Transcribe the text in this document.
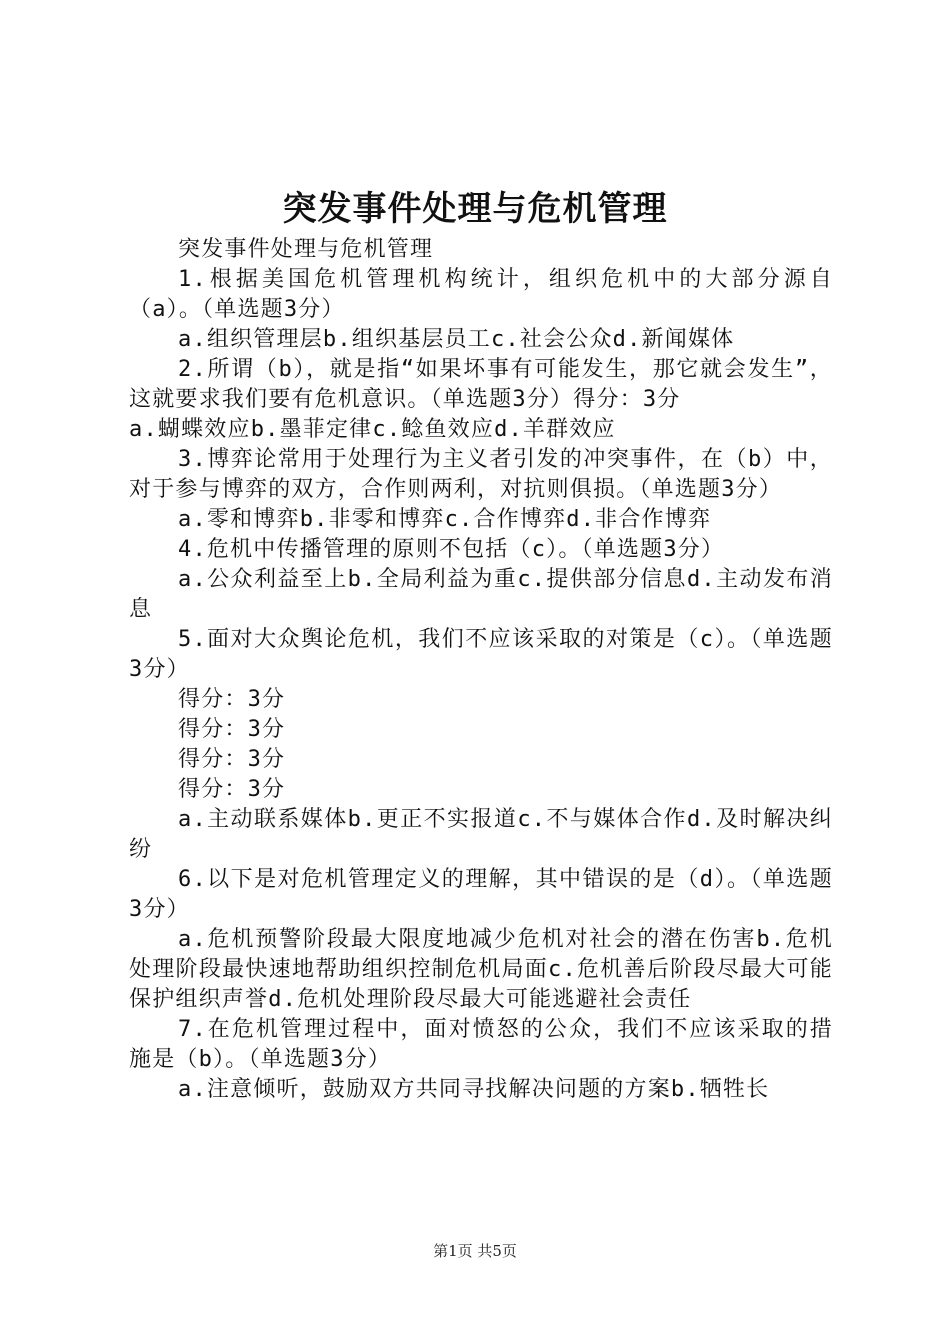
突发事件处理与危机管理

突发事件处理与危机管理

1.根据美国危机管理机构统计，组织危机中的大部分源自（a）。（单选题3分）

a.组织管理层b.组织基层员工c.社会公众d.新闻媒体

2.所谓（b），就是指“如果坏事有可能发生，那它就会发生”，这就要求我们要有危机意识。（单选题3分）得分：3分

a.蝴蝶效应b.墨菲定律c.鲶鱼效应d.羊群效应

3.博弈论常用于处理行为主义者引发的冲突事件，在（b）中，对于参与博弈的双方，合作则两利，对抗则俱损。（单选题3分）

a.零和博弈b.非零和博弈c.合作博弈d.非合作博弈

4.危机中传播管理的原则不包括（c）。（单选题3分）

a.公众利益至上b.全局利益为重c.提供部分信息d.主动发布消息

5.面对大众舆论危机，我们不应该采取的对策是（c）。（单选题3分）

得分：3分

得分：3分

得分：3分

得分：3分

a.主动联系媒体b.更正不实报道c.不与媒体合作d.及时解决纠纷

6.以下是对危机管理定义的理解，其中错误的是（d）。（单选题3分）

a.危机预警阶段最大限度地减少危机对社会的潜在伤害b.危机处理阶段最快速地帮助组织控制危机局面c.危机善后阶段尽最大可能保护组织声誉d.危机处理阶段尽最大可能逃避社会责任

7.在危机管理过程中，面对愤怒的公众，我们不应该采取的措施是（b）。（单选题3分）

a.注意倾听，鼓励双方共同寻找解决问题的方案b.牺牲长

第1页 共5页
